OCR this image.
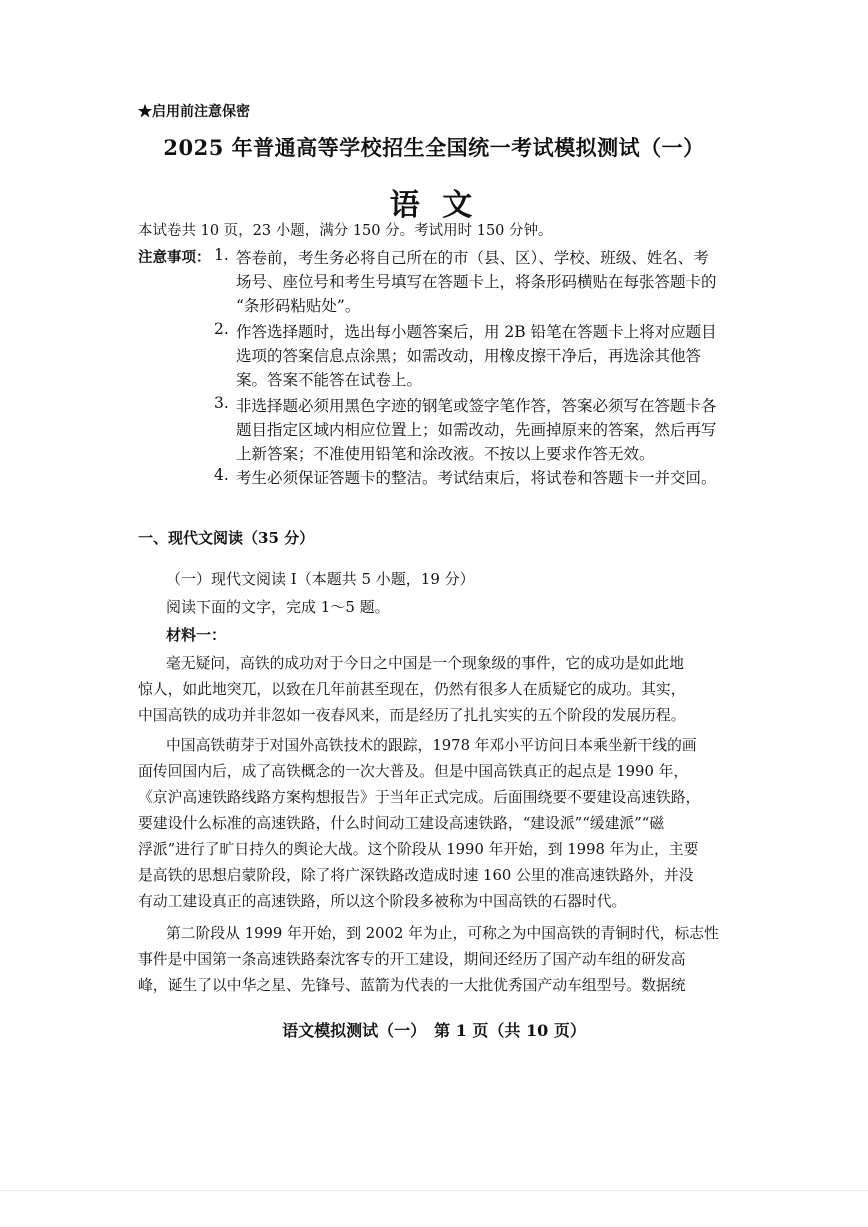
★启用前注意保密
2025 年普通高等学校招生全国统一考试模拟测试（一）
语 文
本试卷共 10 页，23 小题，满分 150 分。考试用时 150 分钟。
注意事项： 1. 答卷前，考生务必将自己所在的市（县、区）、学校、班级、姓名、考
场号、座位号和考生号填写在答题卡上，将条形码横贴在每张答题卡的
“条形码粘贴处”。
2. 作答选择题时，选出每小题答案后，用 2B 铅笔在答题卡上将对应题目
选项的答案信息点涂黑；如需改动，用橡皮擦干净后，再选涂其他答
案。答案不能答在试卷上。
3. 非选择题必须用黑色字迹的钢笔或签字笔作答，答案必须写在答题卡各
题目指定区域内相应位置上；如需改动，先画掉原来的答案，然后再写
上新答案；不准使用铅笔和涂改液。不按以上要求作答无效。
4. 考生必须保证答题卡的整洁。考试结束后，将试卷和答题卡一并交回。
一、现代文阅读（35 分）
（一）现代文阅读 I（本题共 5 小题，19 分）
阅读下面的文字，完成 1～5 题。
材料一：
毫无疑问，高铁的成功对于今日之中国是一个现象级的事件，它的成功是如此地
惊人，如此地突兀，以致在几年前甚至现在，仍然有很多人在质疑它的成功。其实，
中国高铁的成功并非忽如一夜春风来，而是经历了扎扎实实的五个阶段的发展历程。
中国高铁萌芽于对国外高铁技术的跟踪，1978 年邓小平访问日本乘坐新干线的画
面传回国内后，成了高铁概念的一次大普及。但是中国高铁真正的起点是 1990 年，
《京沪高速铁路线路方案构想报告》于当年正式完成。后面围绕要不要建设高速铁路，
要建设什么标准的高速铁路，什么时间动工建设高速铁路，“建设派”“缓建派”“磁
浮派”进行了旷日持久的舆论大战。这个阶段从 1990 年开始，到 1998 年为止，主要
是高铁的思想启蒙阶段，除了将广深铁路改造成时速 160 公里的准高速铁路外，并没
有动工建设真正的高速铁路，所以这个阶段多被称为中国高铁的石器时代。
第二阶段从 1999 年开始，到 2002 年为止，可称之为中国高铁的青铜时代，标志性
事件是中国第一条高速铁路秦沈客专的开工建设，期间还经历了国产动车组的研发高
峰，诞生了以中华之星、先锋号、蓝箭为代表的一大批优秀国产动车组型号。数据统
语文模拟测试（一）　第 1 页（共 10 页）
